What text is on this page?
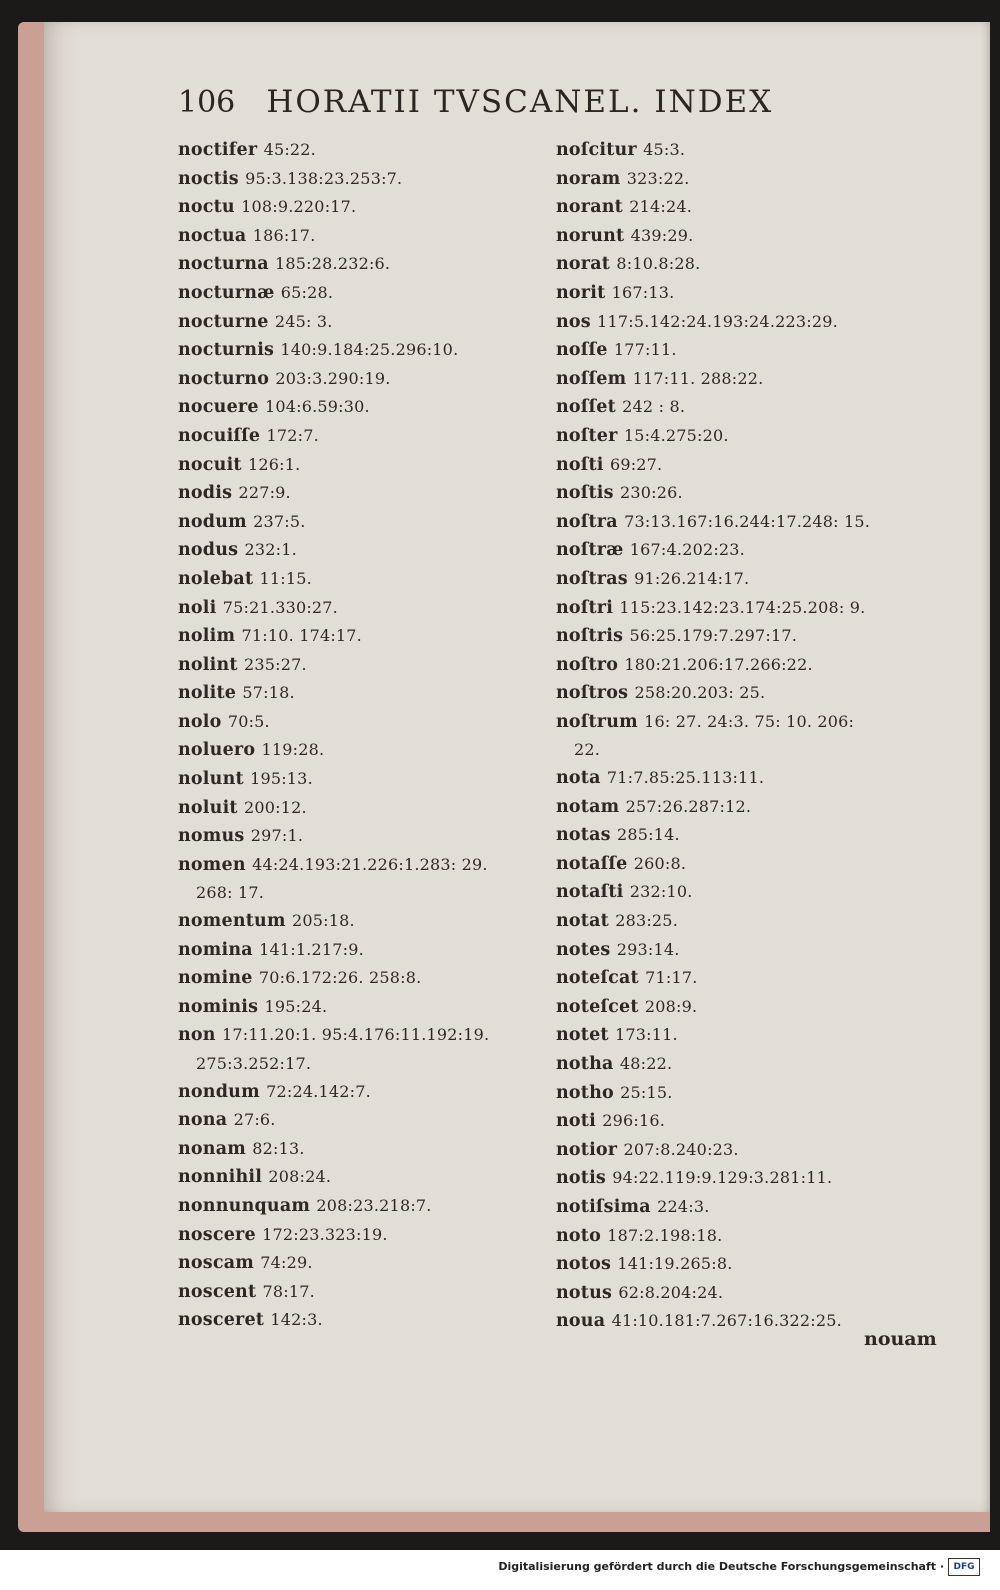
106 HORATII TVSCANEL. INDEX
noctifer 45:22.
noctis 95:3.138:23.253:7.
noctu 108:9.220:17.
noctua 186:17.
nocturna 185:28.232:6.
nocturnæ 65:28.
nocturne 245: 3.
nocturnis 140:9.184:25.296:10.
nocturno 203:3.290:19.
nocuere 104:6.59:30.
nocuiſſe 172:7.
nocuit 126:1.
nodis 227:9.
nodum 237:5.
nodus 232:1.
nolebat 11:15.
noli 75:21.330:27.
nolim 71:10. 174:17.
nolint 235:27.
nolite 57:18.
nolo 70:5.
noluero 119:28.
nolunt 195:13.
noluit 200:12.
nomus 297:1.
nomen 44:24.193:21.226:1.283: 29.
268: 17.
nomentum 205:18.
nomina 141:1.217:9.
nomine 70:6.172:26. 258:8.
nominis 195:24.
non 17:11.20:1. 95:4.176:11.192:19.
275:3.252:17.
nondum 72:24.142:7.
nona 27:6.
nonam 82:13.
nonnihil 208:24.
nonnunquam 208:23.218:7.
noscere 172:23.323:19.
noscam 74:29.
noscent 78:17.
nosceret 142:3.
noſcitur 45:3.
noram 323:22.
norant 214:24.
norunt 439:29.
norat 8:10.8:28.
norit 167:13.
nos 117:5.142:24.193:24.223:29.
noſſe 177:11.
noſſem 117:11. 288:22.
noſſet 242 : 8.
noſter 15:4.275:20.
noſti 69:27.
noſtis 230:26.
noſtra 73:13.167:16.244:17.248: 15.
noſtræ 167:4.202:23.
noſtras 91:26.214:17.
noſtri 115:23.142:23.174:25.208: 9.
noſtris 56:25.179:7.297:17.
noſtro 180:21.206:17.266:22.
noſtros 258:20.203: 25.
noſtrum 16: 27. 24:3. 75: 10. 206:
22.
nota 71:7.85:25.113:11.
notam 257:26.287:12.
notas 285:14.
notaſſe 260:8.
notaſti 232:10.
notat 283:25.
notes 293:14.
noteſcat 71:17.
noteſcet 208:9.
notet 173:11.
notha 48:22.
notho 25:15.
noti 296:16.
notior 207:8.240:23.
notis 94:22.119:9.129:3.281:11.
notiſsima 224:3.
noto 187:2.198:18.
notos 141:19.265:8.
notus 62:8.204:24.
noua 41:10.181:7.267:16.322:25.
nouam
Digitalisierung gefördert durch die Deutsche Forschungsgemeinschaft ·	DFG
